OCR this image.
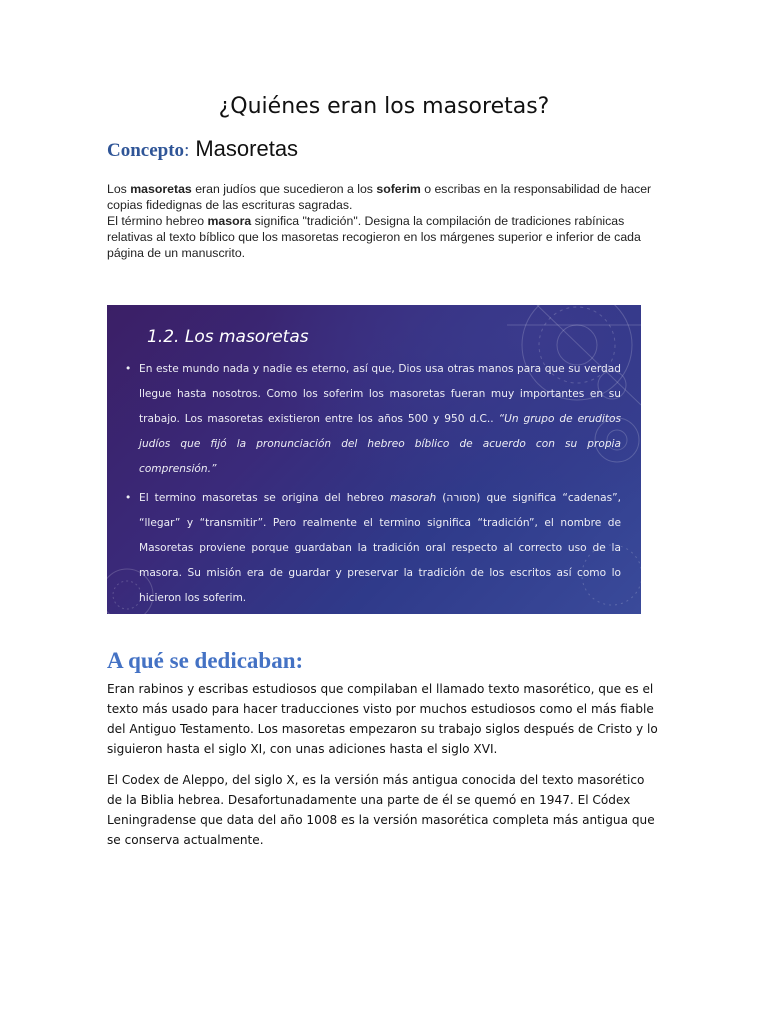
¿Quiénes eran los masoretas?
Concepto: Masoretas

Los masoretas eran judíos que sucedieron a los soferim o escribas en la responsabilidad de hacer copias fidedignas de las escrituras sagradas.

El término hebreo masora significa "tradición". Designa la compilación de tradiciones rabínicas relativas al texto bíblico que los masoretas recogieron en los márgenes superior e inferior de cada página de un manuscrito.

1.2. Los masoretas
• En este mundo nada y nadie es eterno, así que, Dios usa otras manos para que su verdad llegue hasta nosotros. Como los soferim los masoretas fueran muy importantes en su trabajo. Los masoretas existieron entre los años 500 y 950 d.C.. “Un grupo de eruditos judíos que fijó la pronunciación del hebreo bíblico de acuerdo con su propia comprensión.”
• El termino masoretas se origina del hebreo masorah (מסורה) que significa “cadenas”, “llegar” y “transmitir”. Pero realmente el termino significa “tradición”, el nombre de Masoretas proviene porque guardaban la tradición oral respecto al correcto uso de la masora. Su misión era de guardar y preservar la tradición de los escritos así como lo hicieron los soferim.
A qué se dedicaban:

Eran rabinos y escribas estudiosos que compilaban el llamado texto masorético, que es el texto más usado para hacer traducciones visto por muchos estudiosos como el más fiable del Antiguo Testamento. Los masoretas empezaron su trabajo siglos después de Cristo y lo siguieron hasta el siglo XI, con unas adiciones hasta el siglo XVI.

El Codex de Aleppo, del siglo X, es la versión más antigua conocida del texto masorético de la Biblia hebrea. Desafortunadamente una parte de él se quemó en 1947. El Códex Leningradense que data del año 1008 es la versión masorética completa más antigua que se conserva actualmente.
